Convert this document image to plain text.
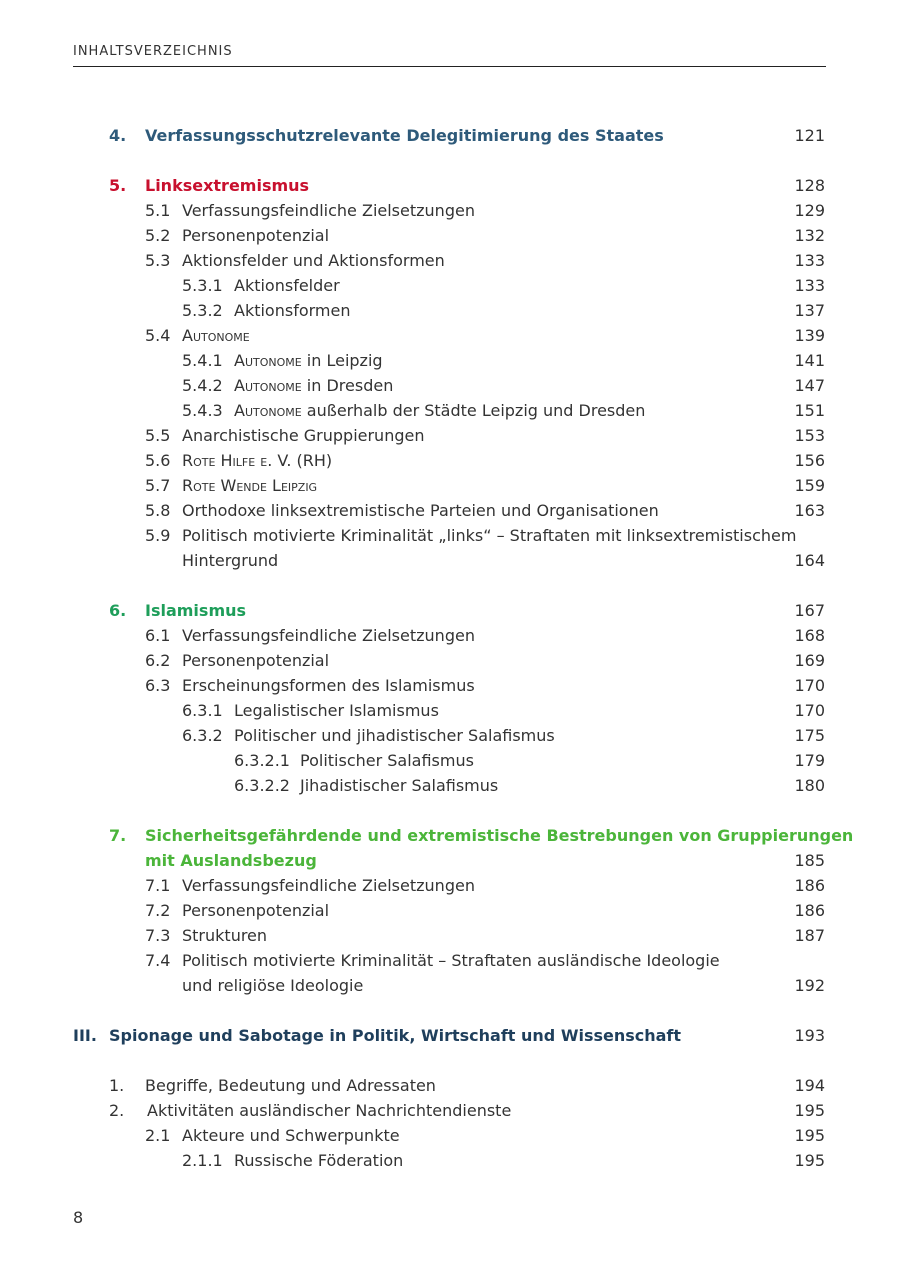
INHALTSVERZEICHNIS
4. Verfassungsschutzrelevante Delegitimierung des Staates	121
5. Linksextremismus	128
5.1 Verfassungsfeindliche Zielsetzungen	129
5.2 Personenpotenzial	132
5.3 Aktionsfelder und Aktionsformen	133
5.3.1 Aktionsfelder	133
5.3.2 Aktionsformen	137
5.4 Autonome	139
5.4.1 Autonome in Leipzig	141
5.4.2 Autonome in Dresden	147
5.4.3 Autonome außerhalb der Städte Leipzig und Dresden	151
5.5 Anarchistische Gruppierungen	153
5.6 Rote Hilfe e. V. (RH)	156
5.7 Rote Wende Leipzig	159
5.8 Orthodoxe linksextremistische Parteien und Organisationen	163
5.9 Politisch motivierte Kriminalität „links“ – Straftaten mit linksextremistischem
Hintergrund	164
6. Islamismus	167
6.1 Verfassungsfeindliche Zielsetzungen	168
6.2 Personenpotenzial	169
6.3 Erscheinungsformen des Islamismus	170
6.3.1 Legalistischer Islamismus	170
6.3.2 Politischer und jihadistischer Salafismus	175
6.3.2.1 Politischer Salafismus	179
6.3.2.2 Jihadistischer Salafismus	180
7. Sicherheitsgefährdende und extremistische Bestrebungen von Gruppierungen
mit Auslandsbezug	185
7.1 Verfassungsfeindliche Zielsetzungen	186
7.2 Personenpotenzial	186
7.3 Strukturen	187
7.4 Politisch motivierte Kriminalität – Straftaten ausländische Ideologie
und religiöse Ideologie	192
III. Spionage und Sabotage in Politik, Wirtschaft und Wissenschaft	193
1. Begriffe, Bedeutung und Adressaten	194
2. Aktivitäten ausländischer Nachrichtendienste	195
2.1 Akteure und Schwerpunkte	195
2.1.1 Russische Föderation	195
8
